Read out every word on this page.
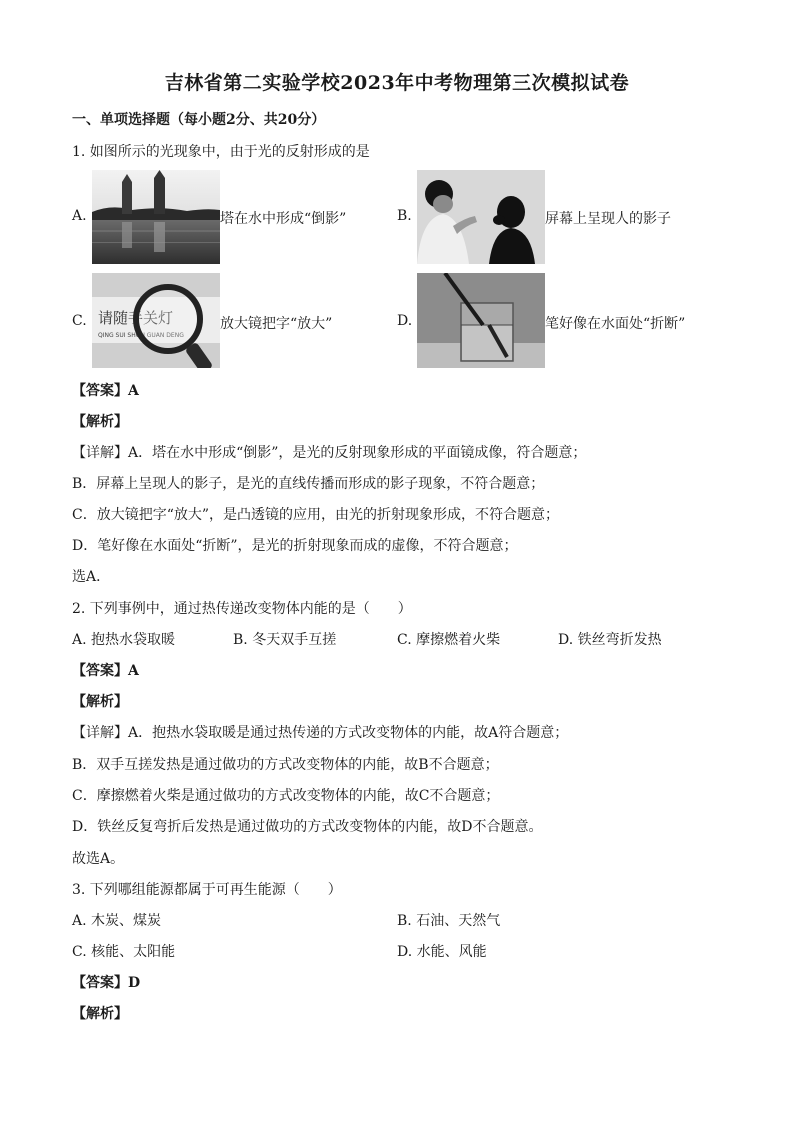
吉林省第二实验学校2023年中考物理第三次模拟试卷
一、单项选择题（每小题2分、共20分）
1. 如图所示的光现象中，由于光的反射形成的是
A.	塔在水中形成“倒影”	B.	屏幕上呈现人的影子
C. 请随手关灯
QING SUI SHOU GUAN DENG
放大镜把字“放大”	D.	笔好像在水面处“折断”
【答案】A
【解析】
【详解】A．塔在水中形成“倒影”，是光的反射现象形成的平面镜成像，符合题意；
B．屏幕上呈现人的影子，是光的直线传播而形成的影子现象，不符合题意；
C．放大镜把字“放大”，是凸透镜的应用，由光的折射现象形成，不符合题意；
D．笔好像在水面处“折断”，是光的折射现象而成的虚像，不符合题意；
选A．
2. 下列事例中，通过热传递改变物体内能的是（　　）
A. 抱热水袋取暖	B. 冬天双手互搓	C. 摩擦燃着火柴	D. 铁丝弯折发热
【答案】A
【解析】
【详解】A．抱热水袋取暖是通过热传递的方式改变物体的内能，故A符合题意；
B．双手互搓发热是通过做功的方式改变物体的内能，故B不合题意；
C．摩擦燃着火柴是通过做功的方式改变物体的内能，故C不合题意；
D．铁丝反复弯折后发热是通过做功的方式改变物体的内能，故D不合题意。
故选A。
3. 下列哪组能源都属于可再生能源（　　）
A. 木炭、煤炭	B. 石油、天然气
C. 核能、太阳能	D. 水能、风能
【答案】D
【解析】
